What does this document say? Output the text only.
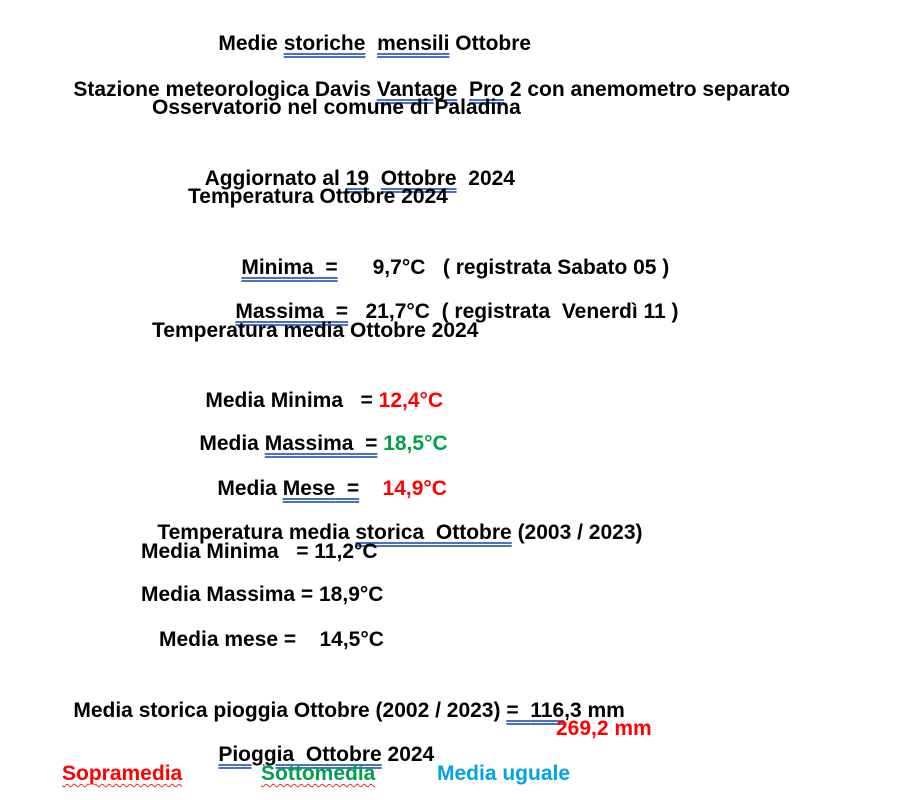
Medie storiche mensili Ottobre

Stazione meteorologica Davis Vantage Pro 2 con anemometro separato

Osservatorio nel comune di Paladina

Aggiornato al 19 Ottobre  2024

Temperatura Ottobre 2024

Minima  =      9,7°C   ( registrata Sabato 05 )

Massima  =   21,7°C  ( registrata  Venerdì 11 )

Temperatura media Ottobre 2024

Media Minima   = 12,4°C

Media Massima  = 18,5°C

Media Mese  = 14,9°C

Temperatura media storica Ottobre (2003 / 2023)

Media Minima   = 11,2°C
Media Massima = 18,9°C
Media mese =    14,5°C

Media storica pioggia Ottobre (2002 / 2023) = 116,3 mm

Pioggia Ottobre 2024

269,2 mm
Sopramedia	Sottomedia	Media uguale
